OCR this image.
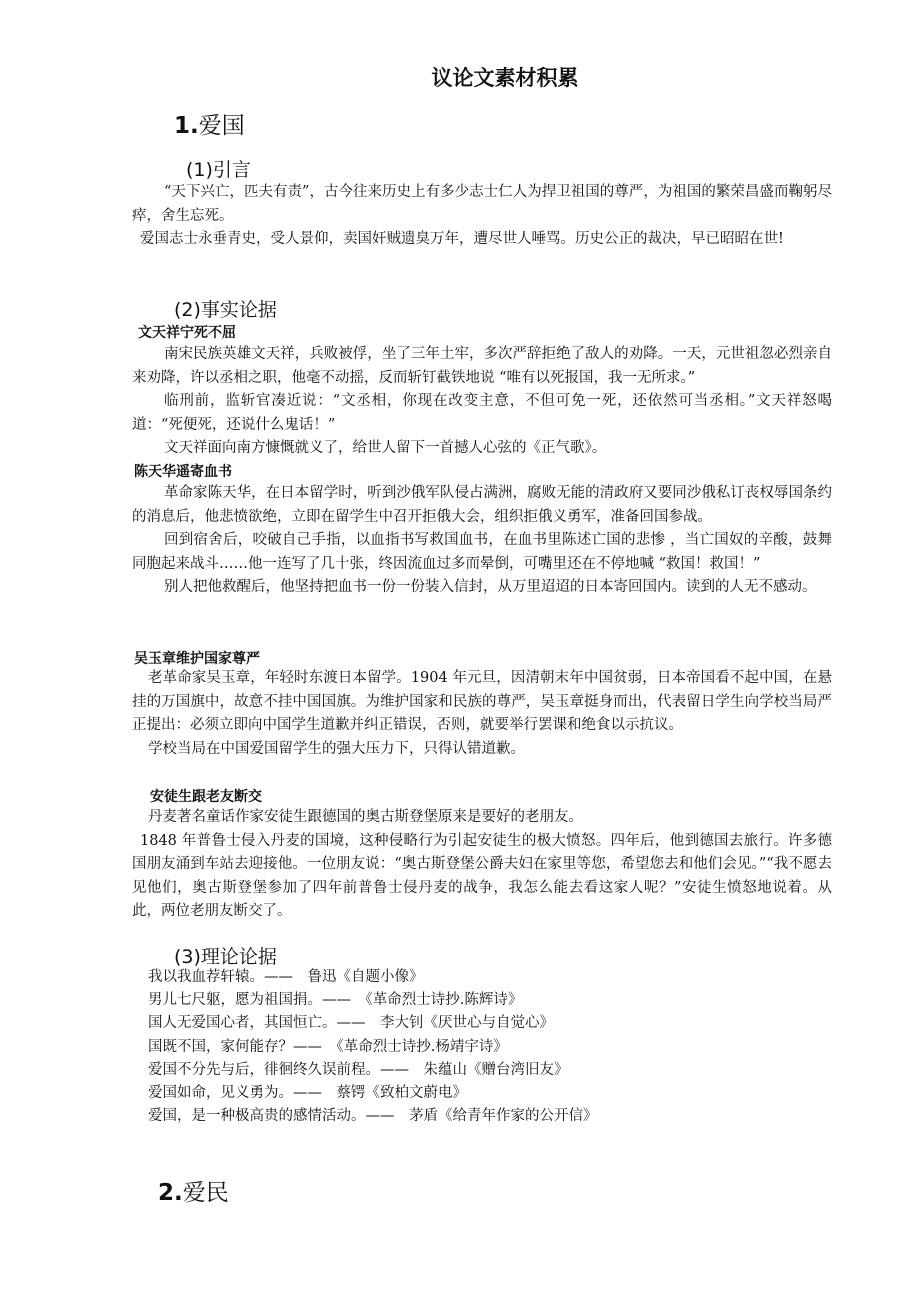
议论文素材积累
1.爱国
(1)引言

“天下兴亡，匹夫有责”，古今往来历史上有多少志士仁人为捍卫祖国的尊严，为祖国的繁荣昌盛而鞠躬尽瘁，舍生忘死。

爱国志士永垂青史，受人景仰，卖国奸贼遗臭万年，遭尽世人唾骂。历史公正的裁决，早已昭昭在世!

(2)事实论据
文天祥宁死不屈

南宋民族英雄文天祥，兵败被俘，坐了三年土牢，多次严辞拒绝了敌人的劝降。一天，元世祖忽必烈亲自来劝降，许以丞相之职，他毫不动摇，反而斩钉截铁地说 “唯有以死报国，我一无所求。”

临刑前，监斩官凑近说：“文丞相，你现在改变主意，不但可免一死，还依然可当丞相。”文天祥怒喝道：“死便死，还说什么鬼话！”

文天祥面向南方慷慨就义了，给世人留下一首撼人心弦的《正气歌》。

陈天华遥寄血书

革命家陈天华，在日本留学时，听到沙俄军队侵占满洲，腐败无能的清政府又要同沙俄私订丧权辱国条约的消息后，他悲愤欲绝，立即在留学生中召开拒俄大会，组织拒俄义勇军，准备回国参战。

回到宿舍后，咬破自己手指，以血指书写救国血书，在血书里陈述亡国的悲惨 ，当亡国奴的辛酸，鼓舞同胞起来战斗……他一连写了几十张，终因流血过多而晕倒，可嘴里还在不停地喊 “救国！救国！”

别人把他救醒后，他坚持把血书一份一份装入信封，从万里迢迢的日本寄回国内。读到的人无不感动。

吴玉章维护国家尊严

老革命家吴玉章，年轻时东渡日本留学。1904 年元旦，因清朝末年中国贫弱，日本帝国看不起中国，在悬挂的万国旗中，故意不挂中国国旗。为维护国家和民族的尊严，吴玉章挺身而出，代表留日学生向学校当局严正提出：必须立即向中国学生道歉并纠正错误，否则，就要举行罢课和绝食以示抗议。

学校当局在中国爱国留学生的强大压力下，只得认错道歉。

安徒生跟老友断交

丹麦著名童话作家安徒生跟德国的奥古斯登堡原来是要好的老朋友。

1848 年普鲁士侵入丹麦的国境，这种侵略行为引起安徒生的极大愤怒。四年后，他到德国去旅行。许多德国朋友涌到车站去迎接他。一位朋友说：“奥古斯登堡公爵夫妇在家里等您，希望您去和他们会见。”“我不愿去见他们，奥古斯登堡参加了四年前普鲁士侵丹麦的战争，我怎么能去看这家人呢？”安徒生愤怒地说着。从此，两位老朋友断交了。

(3)理论论据
我以我血荐轩辕。——　鲁迅《自题小像》
男儿七尺躯，愿为祖国捐。——　《革命烈士诗抄.陈辉诗》
国人无爱国心者，其国恒亡。——　李大钊《厌世心与自觉心》
国既不国，家何能存？——　《革命烈士诗抄.杨靖宇诗》
爱国不分先与后，徘徊终久误前程。——　朱蕴山《赠台湾旧友》
爱国如命，见义勇为。——　蔡锷《致柏文蔚电》
爱国，是一种极高贵的感情活动。——　茅盾《给青年作家的公开信》
2.爱民
